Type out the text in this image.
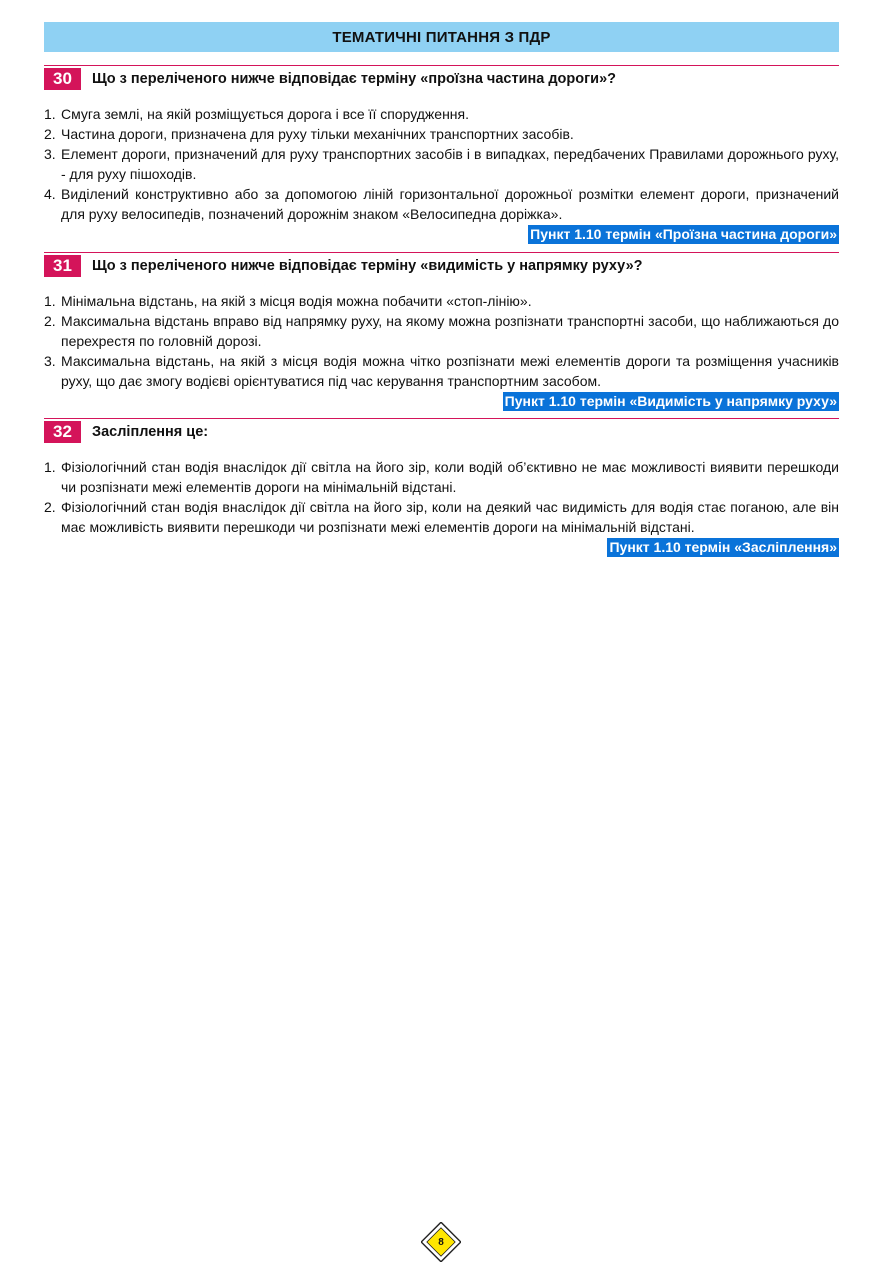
ТЕМАТИЧНІ ПИТАННЯ З ПДР
30	Що з переліченого нижче відповідає терміну «проїзна частина дороги»?
1. Смуга землі, на якій розміщується дорога і все її спорудження.
2. Частина дороги, призначена для руху тільки механічних транспортних засобів.
3. Елемент дороги, призначений для руху транспортних засобів і в випадках, передбачених Правилами дорожнього руху, - для руху пішоходів.
4. Виділений конструктивно або за допомогою ліній горизонтальної дорожньої розмітки елемент дороги, призначений для руху велосипедів, позначений дорожнім знаком «Велосипедна доріжка».
Пункт 1.10 термін «Проїзна частина дороги»
31	Що з переліченого нижче відповідає терміну «видимість у напрямку руху»?
1. Мінімальна відстань, на якій з місця водія можна побачити «стоп-лінію».
2. Максимальна відстань вправо від напрямку руху, на якому можна розпізнати транспортні засоби, що наближаються до перехрестя по головній дорозі.
3. Максимальна відстань, на якій з місця водія можна чітко розпізнати межі елементів дороги та розміщення учасників руху, що дає змогу водієві орієнтуватися під час керування транспортним засобом.
Пункт 1.10 термін «Видимість у напрямку руху»
32	Засліплення це:
1. Фізіологічний стан водія внаслідок дії світла на його зір, коли водій об’єктивно не має можливості виявити перешкоди чи розпізнати межі елементів дороги на мінімальній відстані.
2. Фізіологічний стан водія внаслідок дії світла на його зір, коли на деякий час видимість для водія стає поганою, але він має можливість виявити перешкоди чи розпізнати межі елементів дороги на мінімальній відстані.
Пункт 1.10 термін «Засліплення»
8
